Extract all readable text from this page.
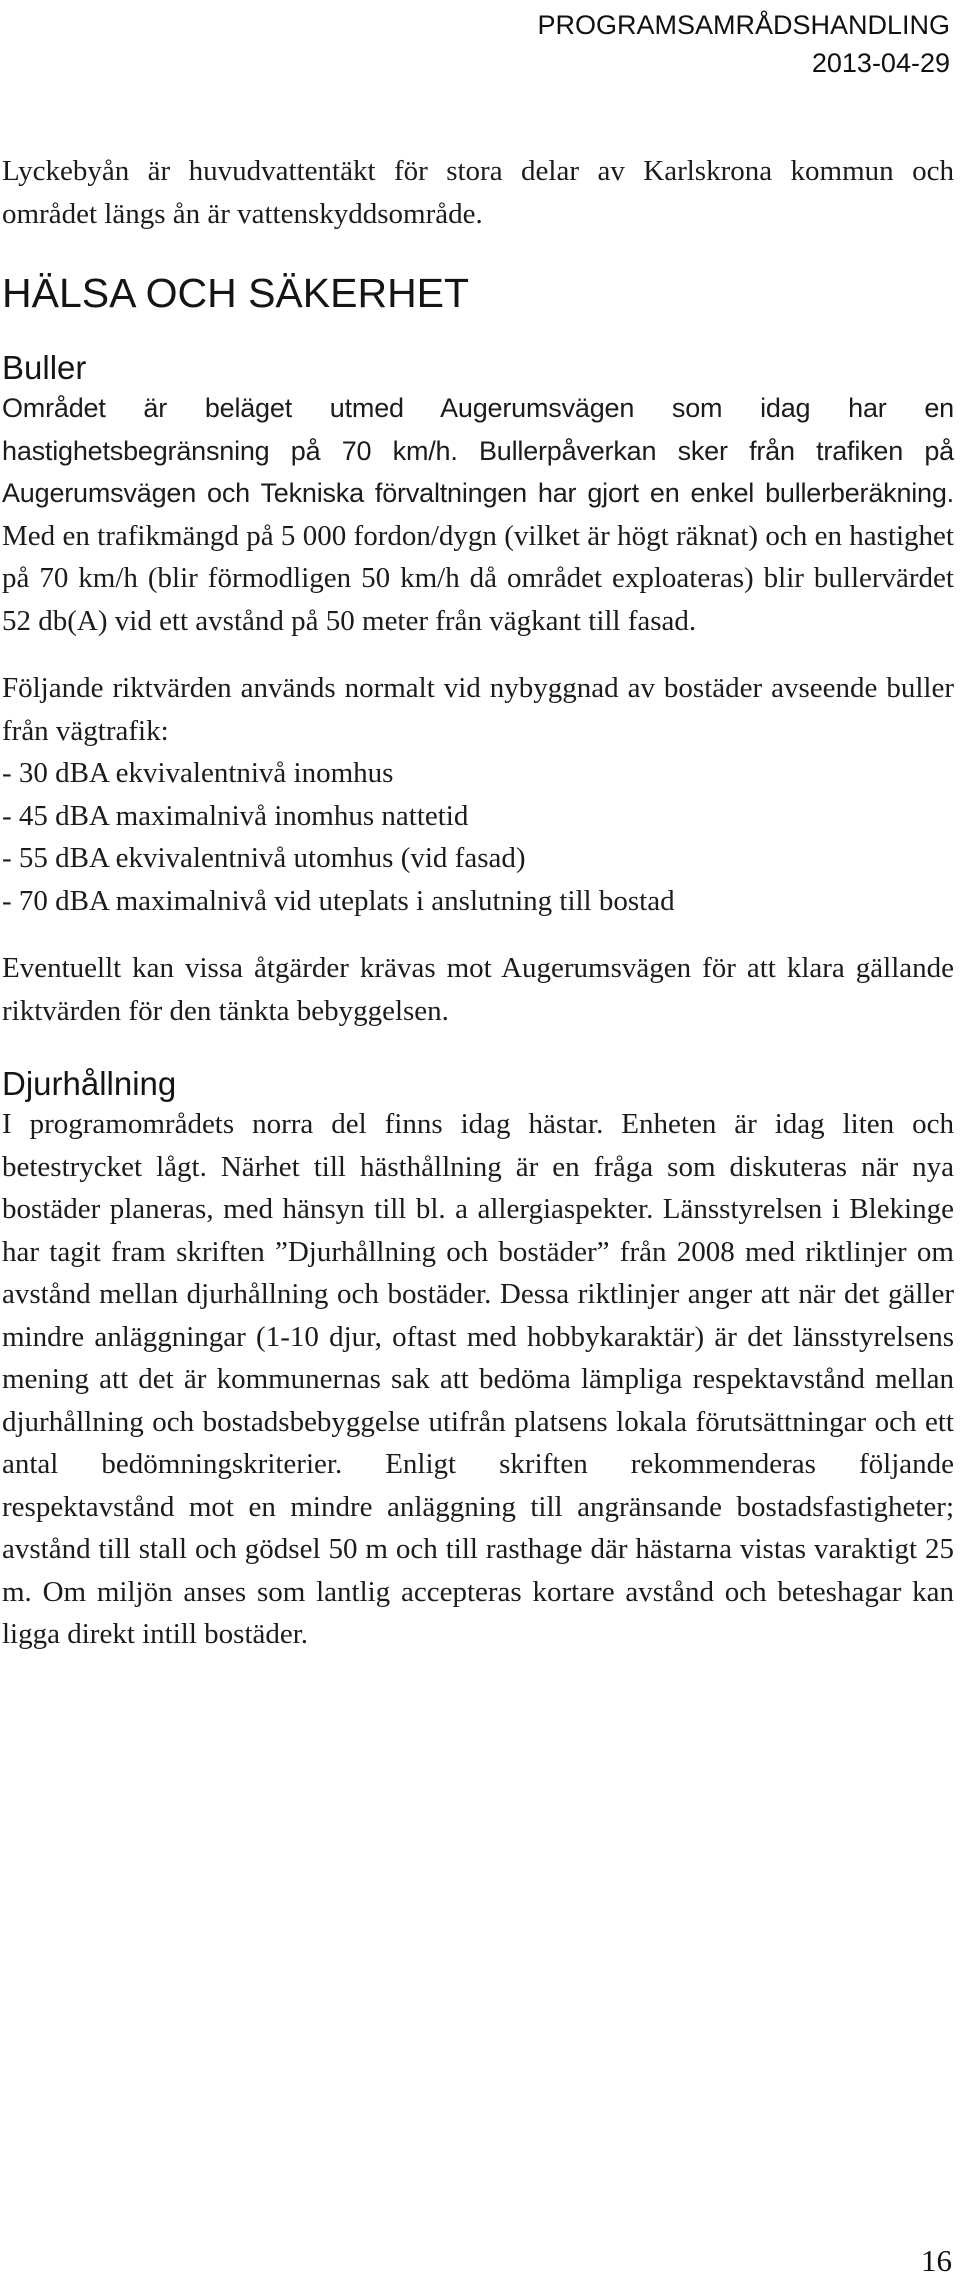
PROGRAMSAMRÅDSHANDLING
2013-04-29

Lyckebyån är huvudvattentäkt för stora delar av Karlskrona kommun och området längs ån är vattenskyddsområde.

HÄLSA OCH SÄKERHET
Buller

Området är beläget utmed Augerumsvägen som idag har en hastighetsbegränsning på 70 km/h. Bullerpåverkan sker från trafiken på Augerumsvägen och Tekniska förvaltningen har gjort en enkel bullerberäkning. Med en trafikmängd på 5 000 fordon/dygn (vilket är högt räknat) och en hastighet på 70 km/h (blir förmodligen 50 km/h då området exploateras) blir bullervärdet 52 db(A) vid ett avstånd på 50 meter från vägkant till fasad.

Följande riktvärden används normalt vid nybyggnad av bostäder avseende buller från vägtrafik:

- 30 dBA ekvivalentnivå inomhus
- 45 dBA maximalnivå inomhus nattetid
- 55 dBA ekvivalentnivå utomhus (vid fasad)
- 70 dBA maximalnivå vid uteplats i anslutning till bostad

Eventuellt kan vissa åtgärder krävas mot Augerumsvägen för att klara gällande riktvärden för den tänkta bebyggelsen.

Djurhållning

I programområdets norra del finns idag hästar. Enheten är idag liten och betestrycket lågt. Närhet till hästhållning är en fråga som diskuteras när nya bostäder planeras, med hänsyn till bl. a allergiaspekter. Länsstyrelsen i Blekinge har tagit fram skriften ”Djurhållning och bostäder” från 2008 med riktlinjer om avstånd mellan djurhållning och bostäder. Dessa riktlinjer anger att när det gäller mindre anläggningar (1-10 djur, oftast med hobbykaraktär) är det länsstyrelsens mening att det är kommunernas sak att bedöma lämpliga respektavstånd mellan djurhållning och bostadsbebyggelse utifrån platsens lokala förutsättningar och ett antal bedömningskriterier. Enligt skriften rekommenderas följande respektavstånd mot en mindre anläggning till angränsande bostadsfastigheter; avstånd till stall och gödsel 50 m och till rasthage där hästarna vistas varaktigt 25 m. Om miljön anses som lantlig accepteras kortare avstånd och beteshagar kan ligga direkt intill bostäder.

16
